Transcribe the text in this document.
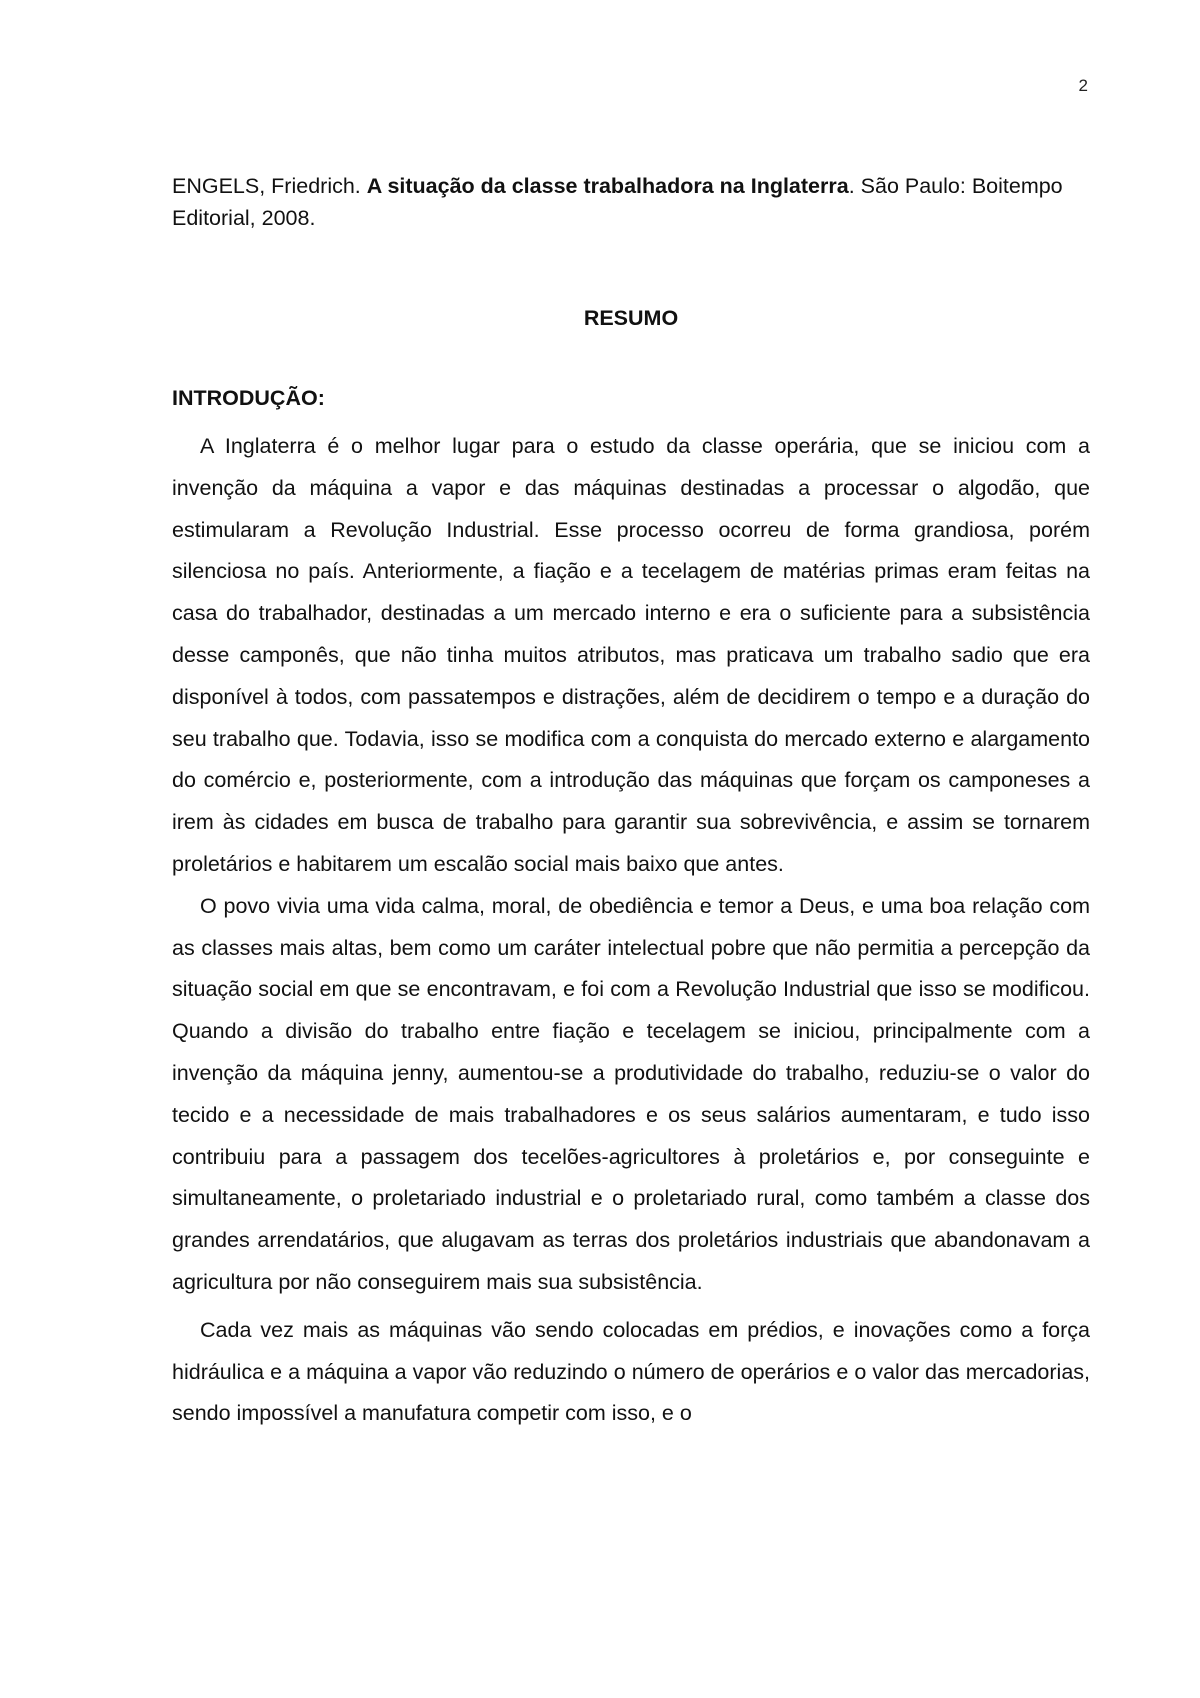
2

ENGELS, Friedrich. A situação da classe trabalhadora na Inglaterra. São Paulo: Boitempo Editorial, 2008.

RESUMO
INTRODUÇÃO:

A Inglaterra é o melhor lugar para o estudo da classe operária, que se iniciou com a invenção da máquina a vapor e das máquinas destinadas a processar o algodão, que estimularam a Revolução Industrial. Esse processo ocorreu de forma grandiosa, porém silenciosa no país. Anteriormente, a fiação e a tecelagem de matérias primas eram feitas na casa do trabalhador, destinadas a um mercado interno e era o suficiente para a subsistência desse camponês, que não tinha muitos atributos, mas praticava um trabalho sadio que era disponível à todos, com passatempos e distrações, além de decidirem o tempo e a duração do seu trabalho que. Todavia, isso se modifica com a conquista do mercado externo e alargamento do comércio e, posteriormente, com a introdução das máquinas que forçam os camponeses a irem às cidades em busca de trabalho para garantir sua sobrevivência, e assim se tornarem proletários e habitarem um escalão social mais baixo que antes.

O povo vivia uma vida calma, moral, de obediência e temor a Deus, e uma boa relação com as classes mais altas, bem como um caráter intelectual pobre que não permitia a percepção da situação social em que se encontravam, e foi com a Revolução Industrial que isso se modificou. Quando a divisão do trabalho entre fiação e tecelagem se iniciou, principalmente com a invenção da máquina jenny, aumentou-se a produtividade do trabalho, reduziu-se o valor do tecido e a necessidade de mais trabalhadores e os seus salários aumentaram, e tudo isso contribuiu para a passagem dos tecelões-agricultores à proletários e, por conseguinte e simultaneamente, o proletariado industrial e o proletariado rural, como também a classe dos grandes arrendatários, que alugavam as terras dos proletários industriais que abandonavam a agricultura por não conseguirem mais sua subsistência.

Cada vez mais as máquinas vão sendo colocadas em prédios, e inovações como a força hidráulica e a máquina a vapor vão reduzindo o número de operários e o valor das mercadorias, sendo impossível a manufatura competir com isso, e o
